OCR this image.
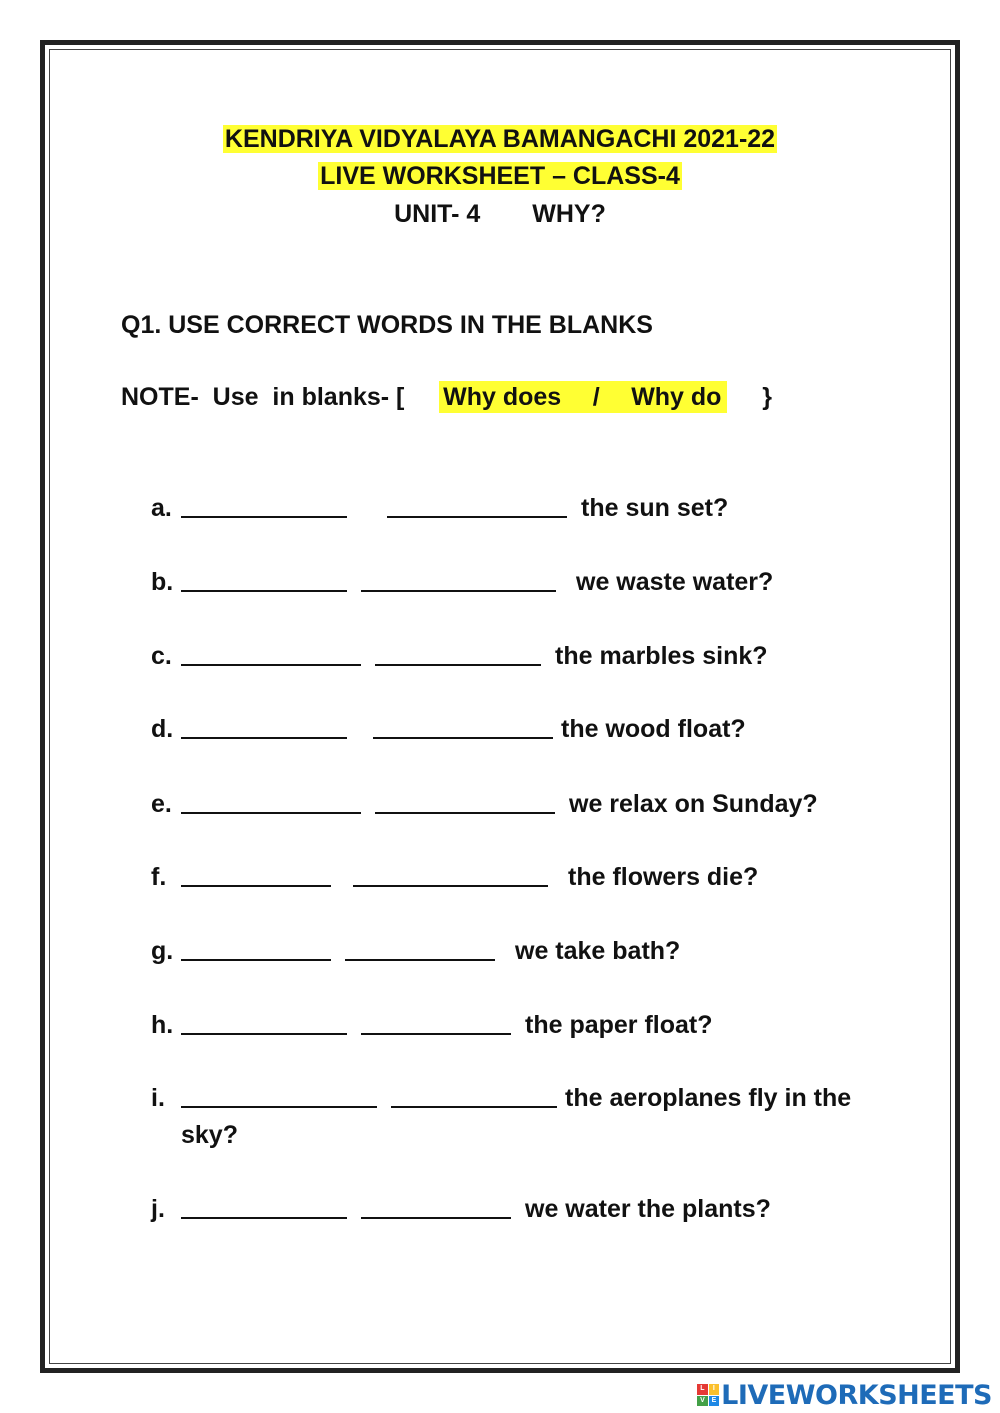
KENDRIYA VIDYALAYA BAMANGACHI 2021-22
LIVE WORKSHEET – CLASS-4
UNIT- 4 WHY?
Q1. USE CORRECT WORDS IN THE BLANKS
NOTE-  Use  in blanks- [ Why does / Why do }
a.	the sun set?
b.	we waste water?
c.	the marbles sink?
d.	the wood float?
e.	we relax on Sunday?
f.	the flowers die?
g.	we take bath?
h.	the paper float?
i.	the aeroplanes fly in the
sky?
j.	we water the plants?
L	I
V E LIVEWORKSHEETS
